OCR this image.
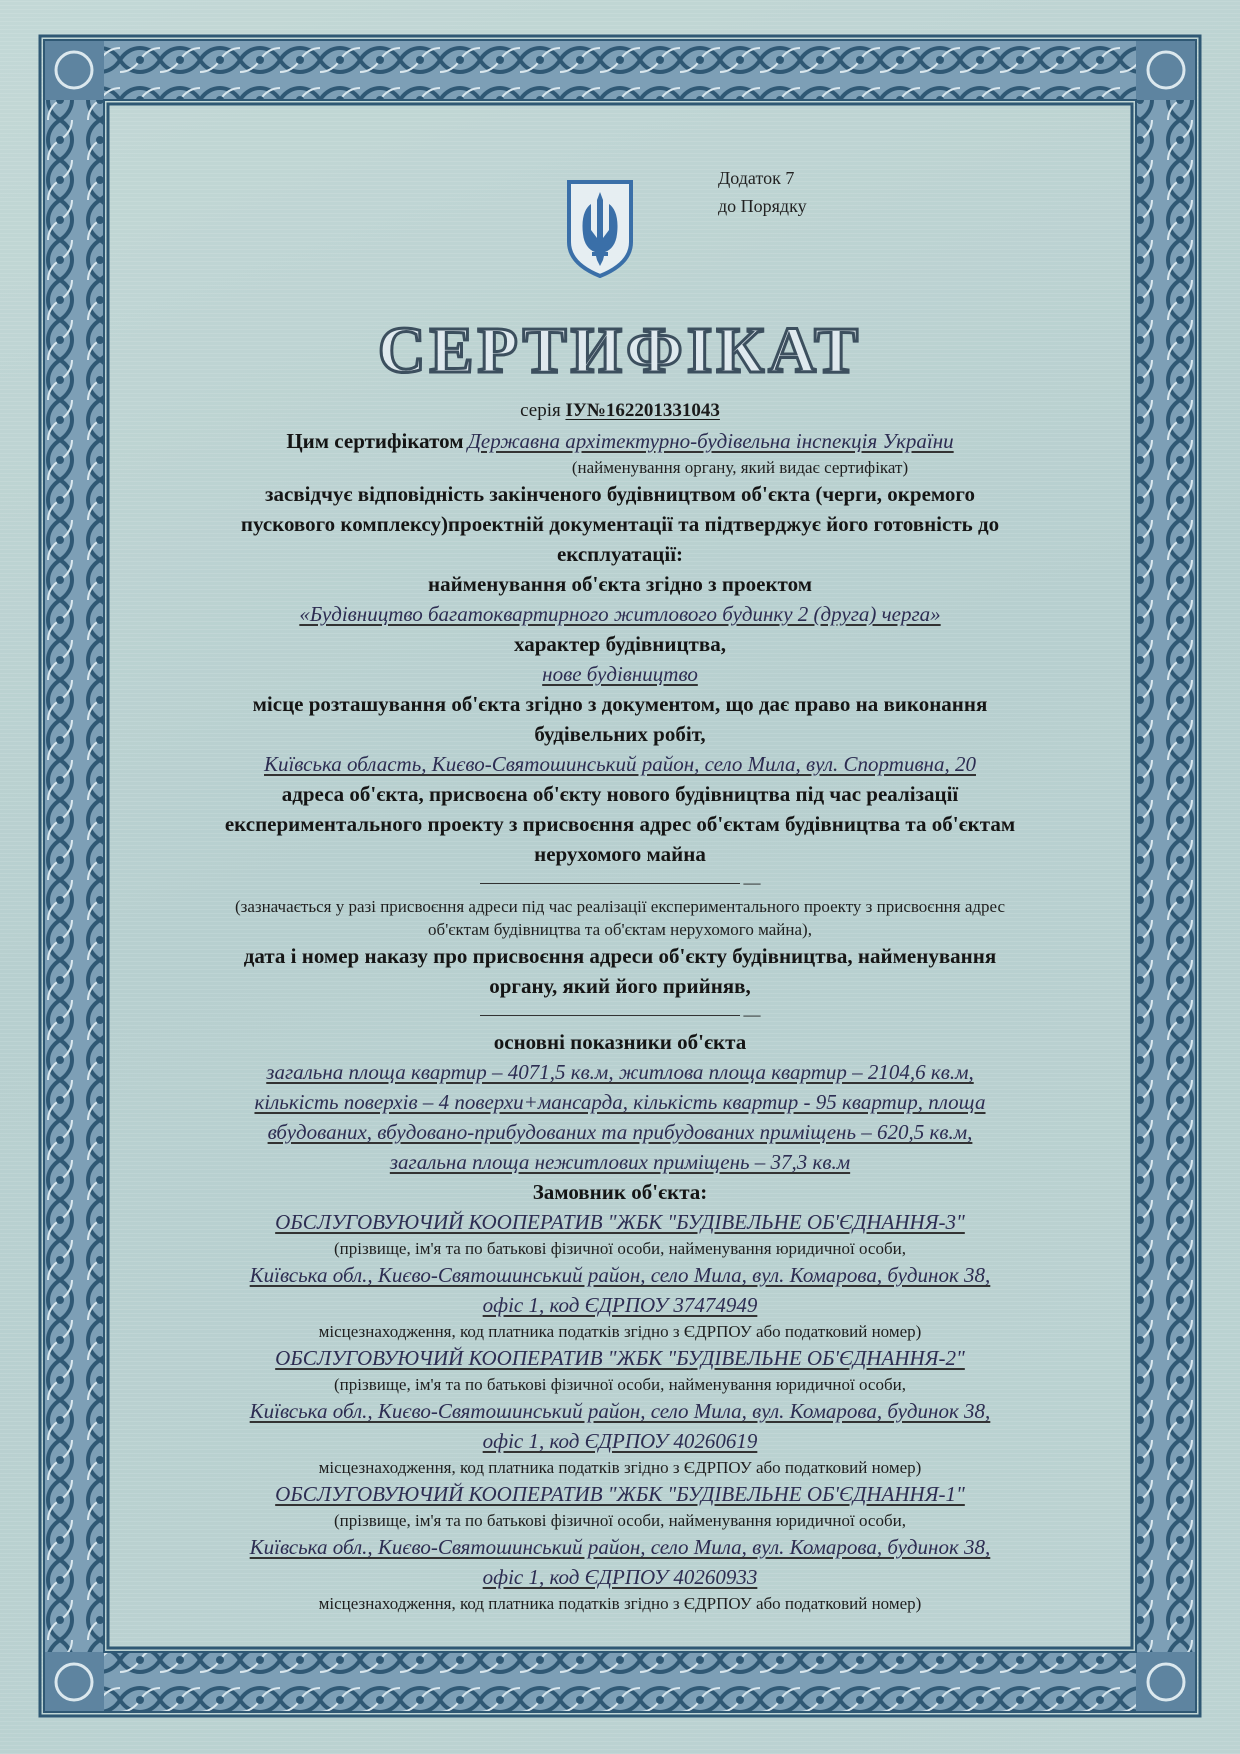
Додаток 7
до Порядку
СЕРТИФІКАТ
серія ІУ№162201331043
Цим сертифікатом Державна архітектурно-будівельна інспекція України
(найменування органу, який видає сертифікат)
засвідчує відповідність закінченого будівництвом об'єкта (черги, окремого
пускового комплексу)проектній документації та підтверджує його готовність до
експлуатації:
найменування об'єкта згідно з проектом
«Будівництво багатоквартирного житлового будинку 2 (друга) черга»
характер будівництва,
нове будівництво
місце розташування об'єкта згідно з документом, що дає право на виконання
будівельних робіт,
Київська область, Києво-Святошинський район, село Мила, вул. Спортивна, 20
адреса об'єкта, присвоєна об'єкту нового будівництва під час реалізації
експериментального проекту з присвоєння адрес об'єктам будівництва та об'єктам
нерухомого майна
—
(зазначається у разі присвоєння адреси під час реалізації експериментального проекту з присвоєння адрес
об'єктам будівництва та об'єктам нерухомого майна),
дата і номер наказу про присвоєння адреси об'єкту будівництва, найменування
органу, який його прийняв,
—
основні показники об'єкта
загальна площа квартир – 4071,5 кв.м, житлова площа квартир – 2104,6 кв.м,
кількість поверхів – 4 поверхи+мансарда, кількість квартир - 95 квартир, площа
вбудованих, вбудовано-прибудованих та прибудованих приміщень – 620,5 кв.м,
загальна площа нежитлових приміщень – 37,3 кв.м
Замовник об'єкта:
ОБСЛУГОВУЮЧИЙ КООПЕРАТИВ "ЖБК "БУДІВЕЛЬНЕ ОБ'ЄДНАННЯ-3"
(прізвище, ім'я та по батькові фізичної особи, найменування юридичної особи,
Київська обл., Києво-Святошинський район, село Мила, вул. Комарова, будинок 38,
офіс 1, код ЄДРПОУ 37474949
місцезнаходження, код платника податків згідно з ЄДРПОУ або податковий номер)
ОБСЛУГОВУЮЧИЙ КООПЕРАТИВ "ЖБК "БУДІВЕЛЬНЕ ОБ'ЄДНАННЯ-2"
(прізвище, ім'я та по батькові фізичної особи, найменування юридичної особи,
Київська обл., Києво-Святошинський район, село Мила, вул. Комарова, будинок 38,
офіс 1, код ЄДРПОУ 40260619
місцезнаходження, код платника податків згідно з ЄДРПОУ або податковий номер)
ОБСЛУГОВУЮЧИЙ КООПЕРАТИВ "ЖБК "БУДІВЕЛЬНЕ ОБ'ЄДНАННЯ-1"
(прізвище, ім'я та по батькові фізичної особи, найменування юридичної особи,
Київська обл., Києво-Святошинський район, село Мила, вул. Комарова, будинок 38,
офіс 1, код ЄДРПОУ 40260933
місцезнаходження, код платника податків згідно з ЄДРПОУ або податковий номер)
